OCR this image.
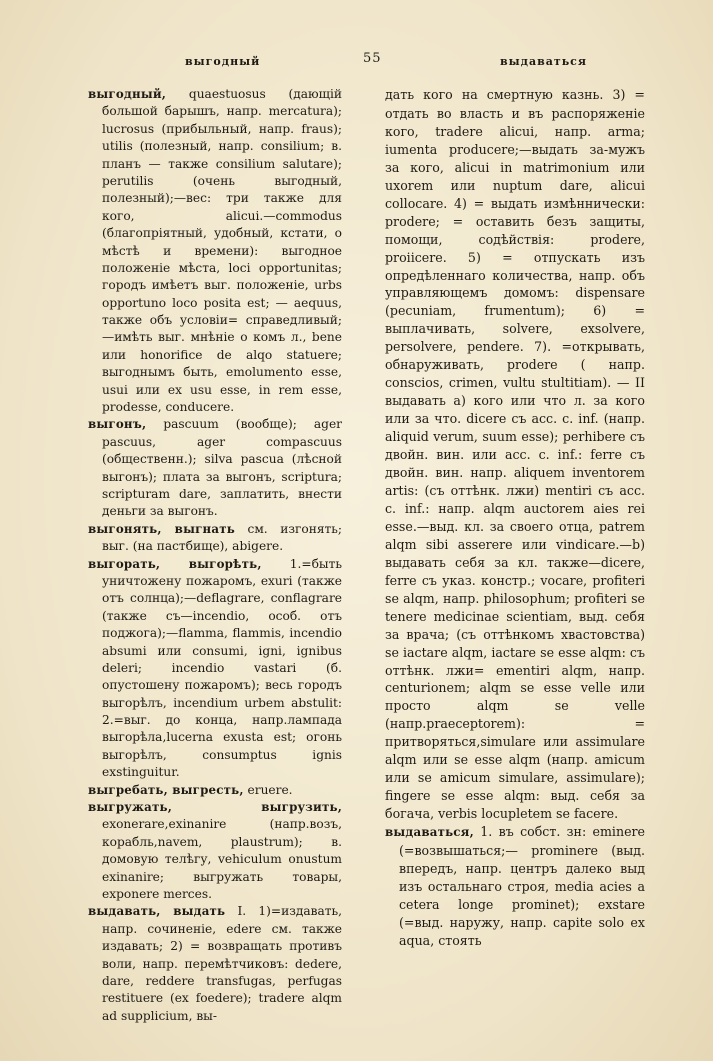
выгодный	55	выдаваться

выгодный, quaestuosus (дающій большой барышъ, напр. mercatura); lucrosus (прибыльный, напр. fraus); utilis (полезный, напр. consilium; в. планъ — также consilium salutare); perutilis (очень выгодный, полезный);—вес: три также для кого, alicui.—commodus (благопріятный, удобный, кстати, о мѣстѣ и времени): выгодное положеніе мѣста, loci opportunitas; городъ имѣетъ выг. положеніе, urbs opportuno loco posita est; — aequus, также объ условіи= справедливый;—имѣть выг. мнѣніе о комъ л., bene или honorifice de alqo statuere; выгоднымъ быть, emolumento esse, usui или ex usu esse, in rem esse, prodesse, conducere.

выгонъ, pascuum (вообще); ager pascuus, ager compascuus (общественн.); silva pascua (лѣсной выгонъ); плата за выгонъ, scriptura; scripturam dare, заплатить, внести деньги за выгонъ.

выгонять, выгнать см. изгонять; выг. (на пастбище), abigere.

выгорать, выгорѣть, 1.=быть уничтожену пожаромъ, exuri (также отъ солнца);—deflagrare, conflagrare (также съ—incendio, особ. отъ поджога);—flamma, flammis, incendio absumi или consumi, igni, ignibus deleri; incendio vastari (б. опустошену пожаромъ); весь городъ выгорѣлъ, incendium urbem abstulit: 2.=выг. до конца, напр.лампада выгорѣла,lucerna exusta est; огонь выгорѣлъ, consumptus ignis exstinguitur.

выгребать, выгресть, eruere.

выгружать, выгрузить, exonerare,exinanire (напр.возъ, корабль,navem, plaustrum); в. домовую телѣгу, vehiculum onustum exinanire; выгружать товары, exponere merces.

выдавать, выдать I. 1)=издавать, напр. сочиненіе, edere см. также издавать; 2) = возвращать противъ воли, напр. перемѣтчиковъ: dedere, dare, reddere transfugas, perfugas restituere (ex foedere); tradere alqm ad supplicium, вы-

дать кого на смертную казнь. 3) = отдать во власть и въ распоряженіе кого, tradere alicui, напр. arma; iumenta producere;—выдать за-мужъ за кого, alicui in matrimonium или uxorem или nuptum dare, alicui collocare. 4) = выдать измѣннически: prodere; = оставить безъ защиты, помощи, содѣйствія: prodere, proiicere. 5) = отпускать изъ опредѣленнаго количества, напр. объ управляющемъ домомъ: dispensare (pecuniam, frumentum); 6) = выплачивать, solvere, exsolvere, persolvere, pendere. 7). =открывать, обнаруживать, prodere ( напр. conscios, crimen, vultu stultitiam). — II выдавать а) кого или что л. за кого или за что. dicere съ acc. c. inf. (напр. aliquid verum, suum esse); perhibere съ двойн. вин. или acc. c. inf.: ferre съ двойн. вин. напр. aliquem inventorem artis: (съ оттѣнк. лжи) mentiri съ acc. c. inf.: напр. alqm auctorem aies rei esse.—выд. кл. за своего отца, patrem alqm sibi asserere или vindicare.—b) выдавать себя за кл. также—dicere, ferre съ указ. констр.; vocare, profiteri se alqm, напр. philosophum; profiteri se tenere medicinae scientiam, выд. себя за врача; (съ оттѣнкомъ хвастовства) se iactare alqm, iactare se esse alqm: съ оттѣнк. лжи= ementiri alqm, напр. centurionem; alqm se esse velle или просто alqm se velle (напр.praeceptorem): = притворяться,simulare или assimulare alqm или se esse alqm (напр. amicum или se amicum simulare, assimulare); fingere se esse alqm: выд. себя за богача, verbis locupletem se facere.

выдаваться, 1. въ собст. зн: eminere (=возвышаться;— prominere (выд. впередъ, напр. центръ далеко выд изъ остальнаго строя, media acies a cetera longe prominet); exstare (=выд. наружу, напр. capite solo ex aqua, стоять
